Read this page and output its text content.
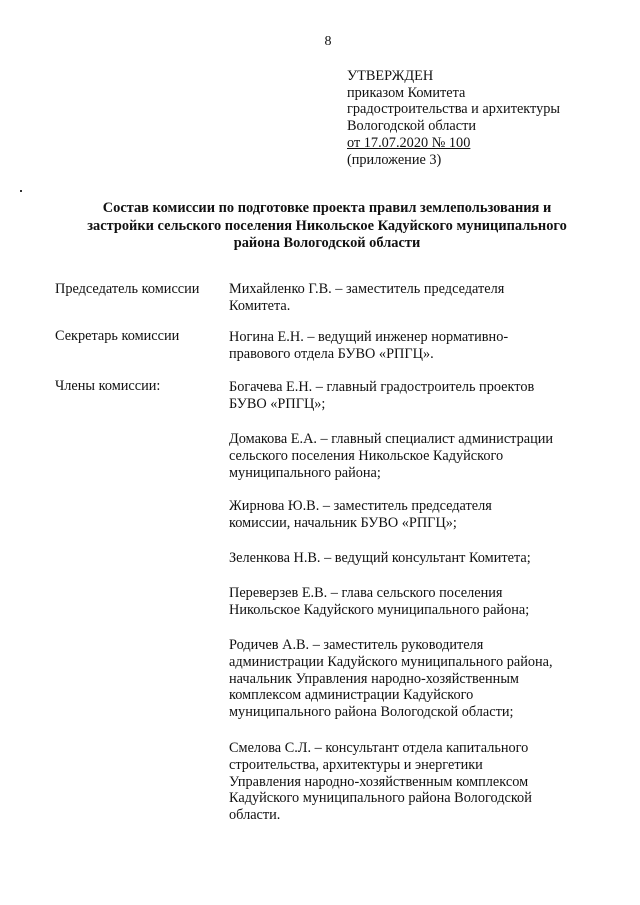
8
УТВЕРЖДЕН
приказом Комитета
градостроительства и архитектуры
Вологодской области
от 17.07.2020 № 100
(приложение 3)
Состав комиссии по подготовке проекта правил землепользования и
застройки сельского поселения Никольское Кадуйского муниципального
района Вологодской области
Председатель комиссии
Секретарь комиссии
Члены комиссии:
Михайленко Г.В. – заместитель председателя
Комитета.
Ногина Е.Н. – ведущий инженер нормативно-
правового отдела БУВО «РПГЦ».
Богачева Е.Н. – главный градостроитель проектов
БУВО «РПГЦ»;
Домакова Е.А. – главный специалист администрации
сельского поселения Никольское Кадуйского
муниципального района;
Жирнова Ю.В. – заместитель председателя
комиссии, начальник БУВО «РПГЦ»;
Зеленкова Н.В. – ведущий консультант Комитета;
Переверзев Е.В. – глава сельского поселения
Никольское Кадуйского муниципального района;
Родичев А.В. – заместитель руководителя
администрации Кадуйского муниципального района,
начальник Управления народно-хозяйственным
комплексом администрации Кадуйского
муниципального района Вологодской области;
Смелова С.Л. – консультант отдела капитального
строительства, архитектуры и энергетики
Управления народно-хозяйственным комплексом
Кадуйского муниципального района Вологодской
области.
